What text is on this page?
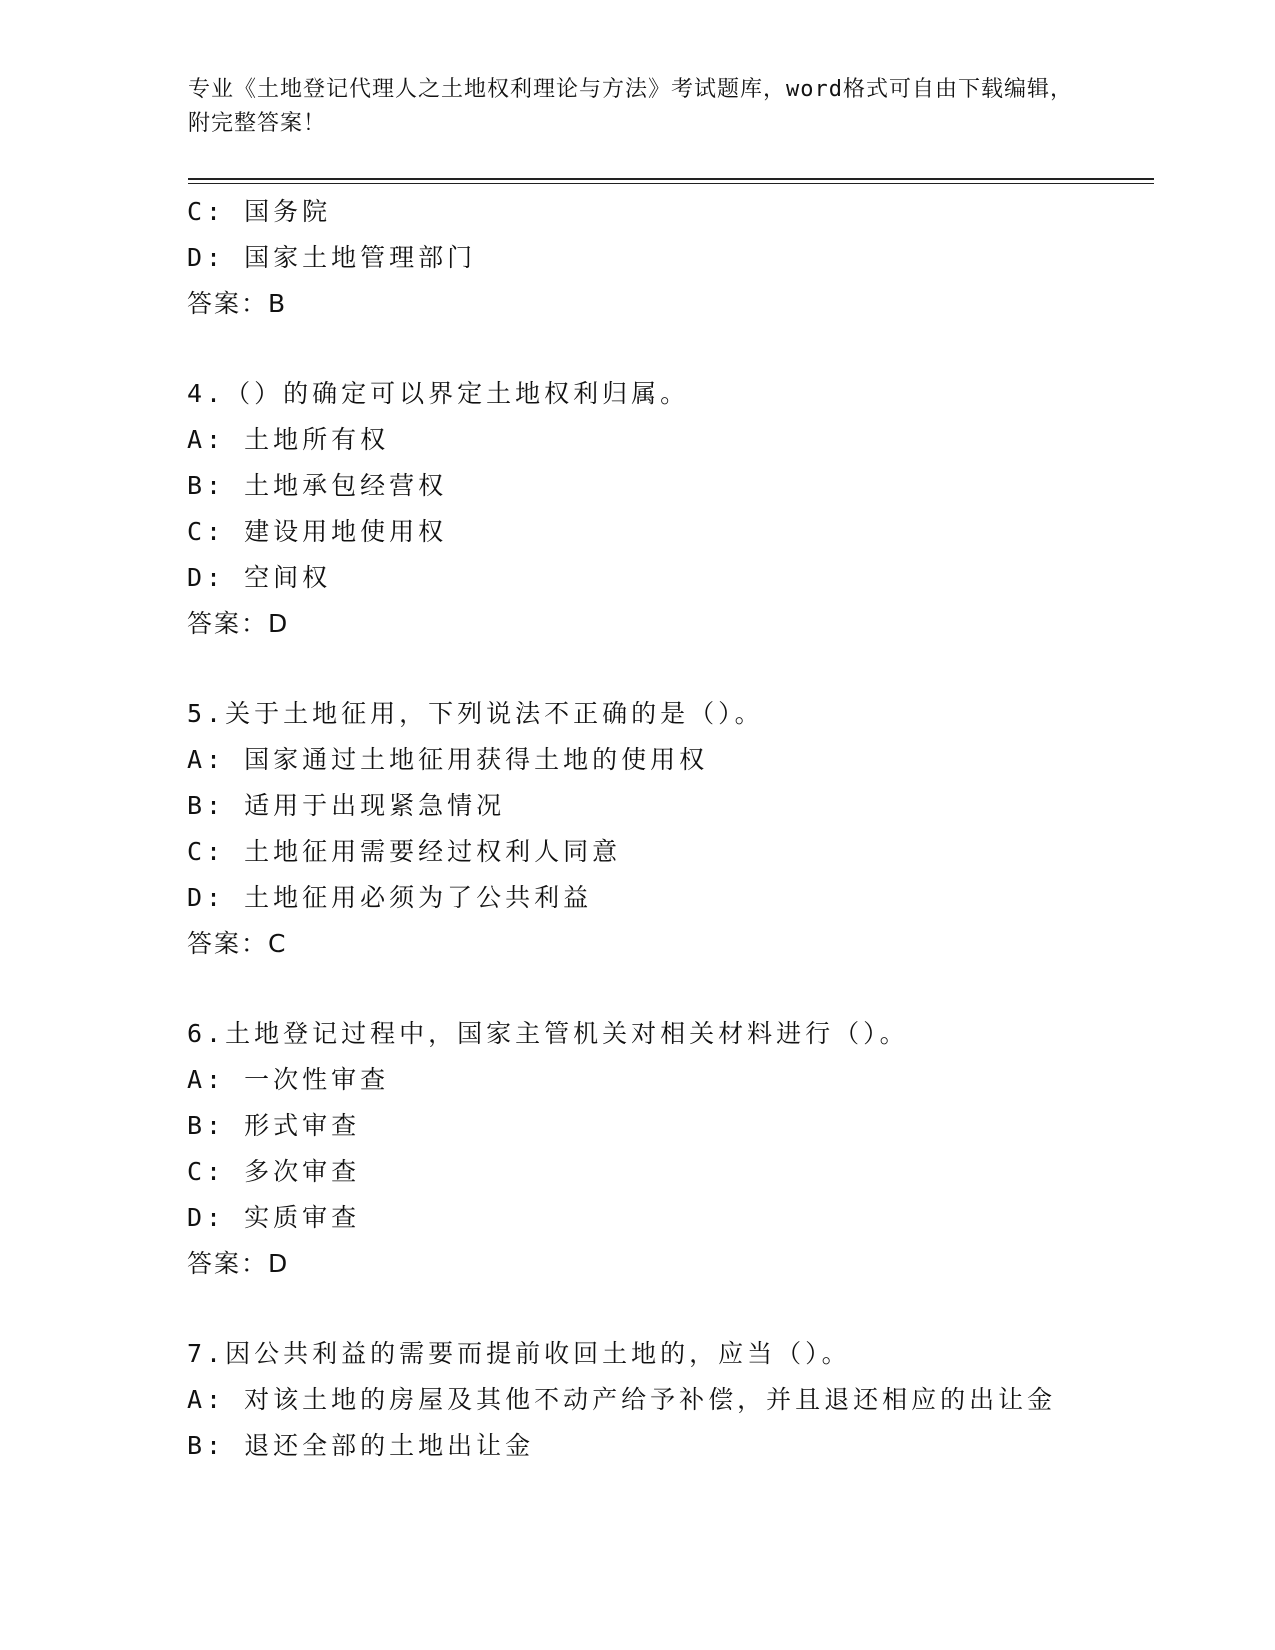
专业《土地登记代理人之土地权利理论与方法》考试题库，word格式可自由下载编辑，附完整答案！

C: 国务院

D: 国家土地管理部门

答案：B

4.（）的确定可以界定土地权利归属。

A: 土地所有权

B: 土地承包经营权

C: 建设用地使用权

D: 空间权

答案：D

5.关于土地征用，下列说法不正确的是（）。

A: 国家通过土地征用获得土地的使用权

B: 适用于出现紧急情况

C: 土地征用需要经过权利人同意

D: 土地征用必须为了公共利益

答案：C

6.土地登记过程中，国家主管机关对相关材料进行（）。

A: 一次性审查

B: 形式审查

C: 多次审查

D: 实质审查

答案：D

7.因公共利益的需要而提前收回土地的，应当（）。

A: 对该土地的房屋及其他不动产给予补偿，并且退还相应的出让金

B: 退还全部的土地出让金
